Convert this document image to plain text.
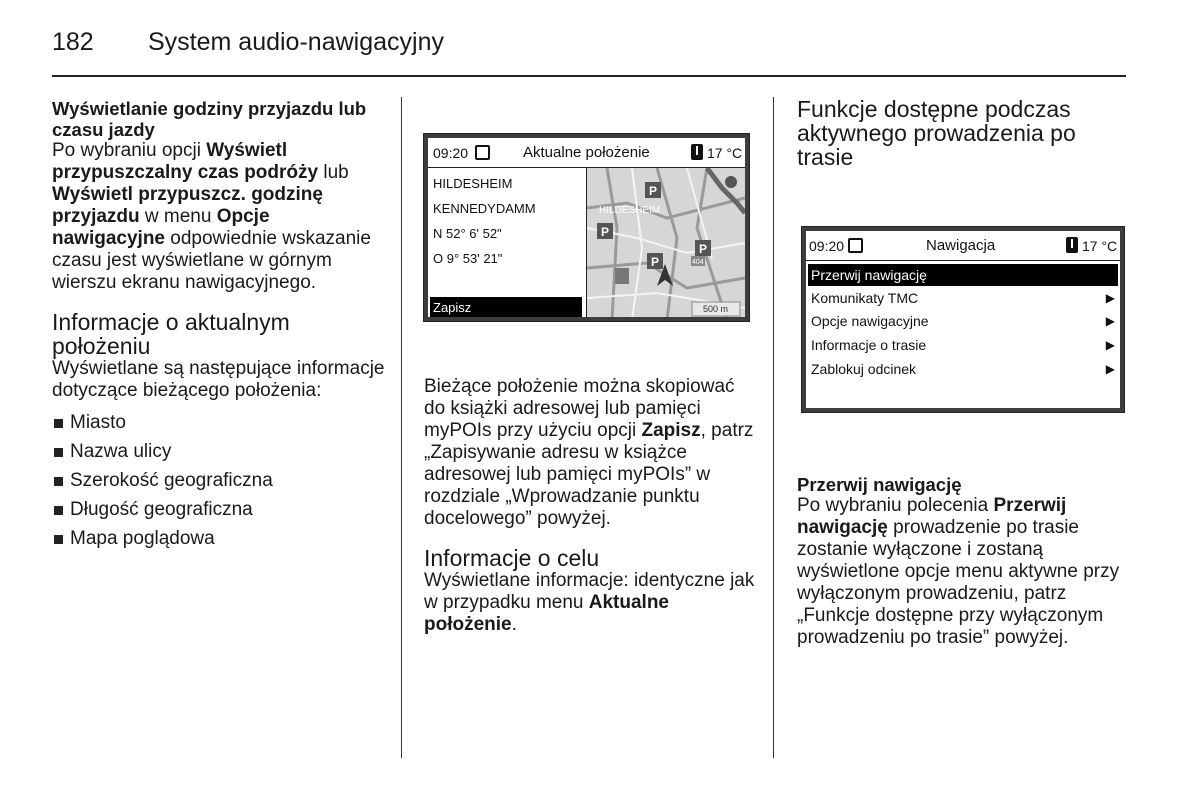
182 System audio-nawigacyjny

Wyświetlanie godziny przyjazdu lub czasu jazdy

Po wybraniu opcji Wyświetl przypuszczalny czas podróży lub Wyświetl przypuszcz. godzinę przyjazdu w menu Opcje nawigacyjne odpowiednie wskazanie czasu jest wyświetlane w górnym wierszu ekranu nawigacyjnego.

Informacje o aktualnym położeniu

Wyświetlane są następujące informacje dotyczące bieżącego położenia:

Miasto
Nazwa ulicy
Szerokość geograficzna
Długość geograficzna
Mapa poglądowa
09:20	Aktualne położenie	17 °C
HILDESHEIM
KENNEDYDAMM
N 52° 6' 52"
O 9° 53' 21"
Zapisz
P
P
P
P
HILDESHEIM
404
500 m

Bieżące położenie można skopiować do książki adresowej lub pamięci myPOIs przy użyciu opcji Zapisz, patrz „Zapisywanie adresu w książce adresowej lub pamięci myPOIs” w rozdziale „Wprowadzanie punktu docelowego” powyżej.

Informacje o celu

Wyświetlane informacje: identyczne jak w przypadku menu Aktualne położenie.

Funkcje dostępne podczas aktywnego prowadzenia po trasie
09:20	Nawigacja	17 °C
Przerwij nawigację
Komunikaty TMC	▶
Opcje nawigacyjne	▶
Informacje o trasie	▶
Zablokuj odcinek	▶

Przerwij nawigację

Po wybraniu polecenia Przerwij nawigację prowadzenie po trasie zostanie wyłączone i zostaną wyświetlone opcje menu aktywne przy wyłączonym prowadzeniu, patrz „Funkcje dostępne przy wyłączonym prowadzeniu po trasie” powyżej.
